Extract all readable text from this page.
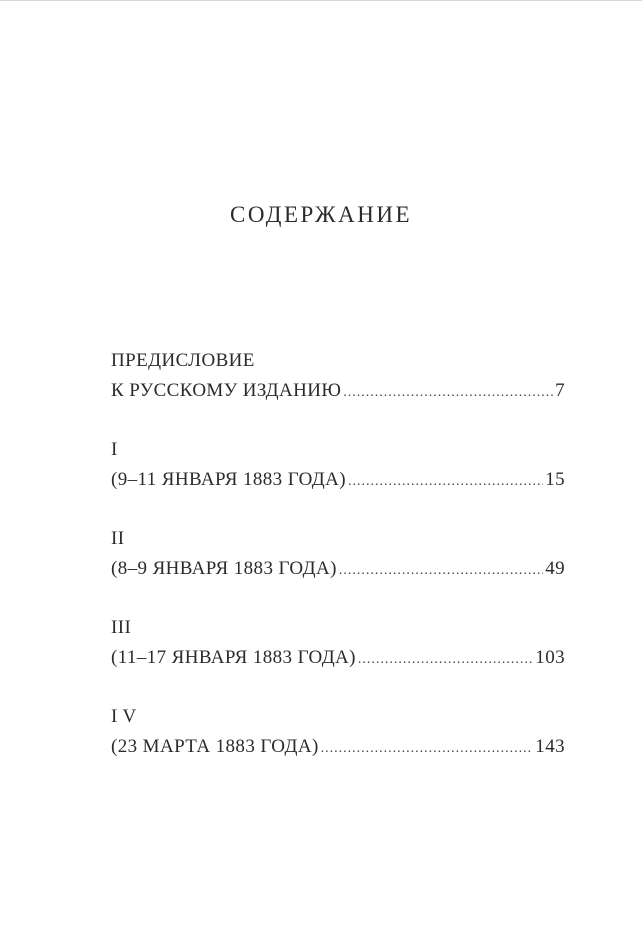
СОДЕРЖАНИЕ
ПРЕДИСЛОВИЕ
К РУССКОМУ ИЗДАНИЮ .....	7
I
(9–11 ЯНВАРЯ 1883 ГОДА) .....	15
II
(8–9 ЯНВАРЯ 1883 ГОДА) .....	49
III
(11–17 ЯНВАРЯ 1883 ГОДА) .....	103
I V
(23 МАРТА 1883 ГОДА) .....	143
